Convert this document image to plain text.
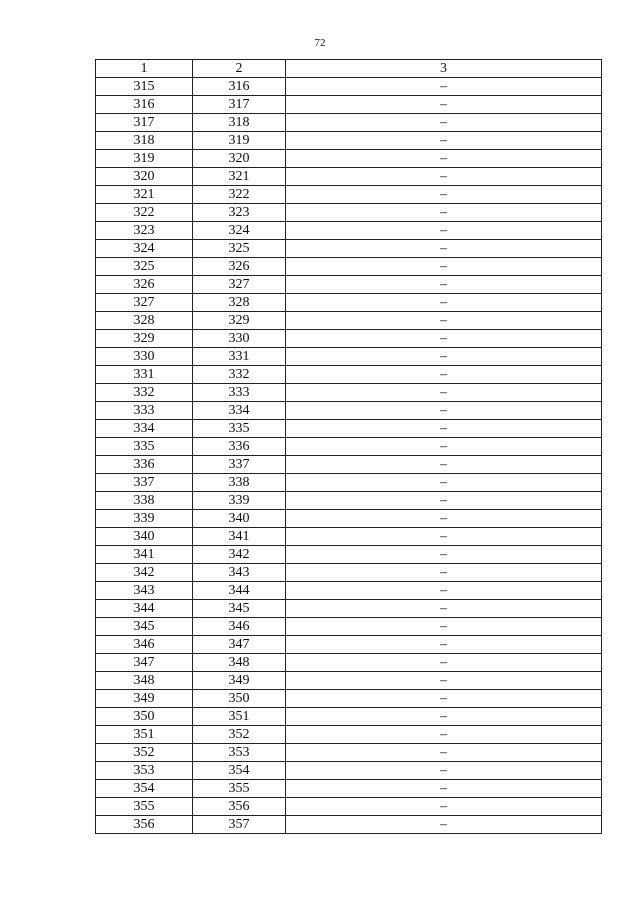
72
1	2	3
315	316	–
316	317	–
317	318	–
318	319	–
319	320	–
320	321	–
321	322	–
322	323	–
323	324	–
324	325	–
325	326	–
326	327	–
327	328	–
328	329	–
329	330	–
330	331	–
331	332	–
332	333	–
333	334	–
334	335	–
335	336	–
336	337	–
337	338	–
338	339	–
339	340	–
340	341	–
341	342	–
342	343	–
343	344	–
344	345	–
345	346	–
346	347	–
347	348	–
348	349	–
349	350	–
350	351	–
351	352	–
352	353	–
353	354	–
354	355	–
355	356	–
356	357	–
